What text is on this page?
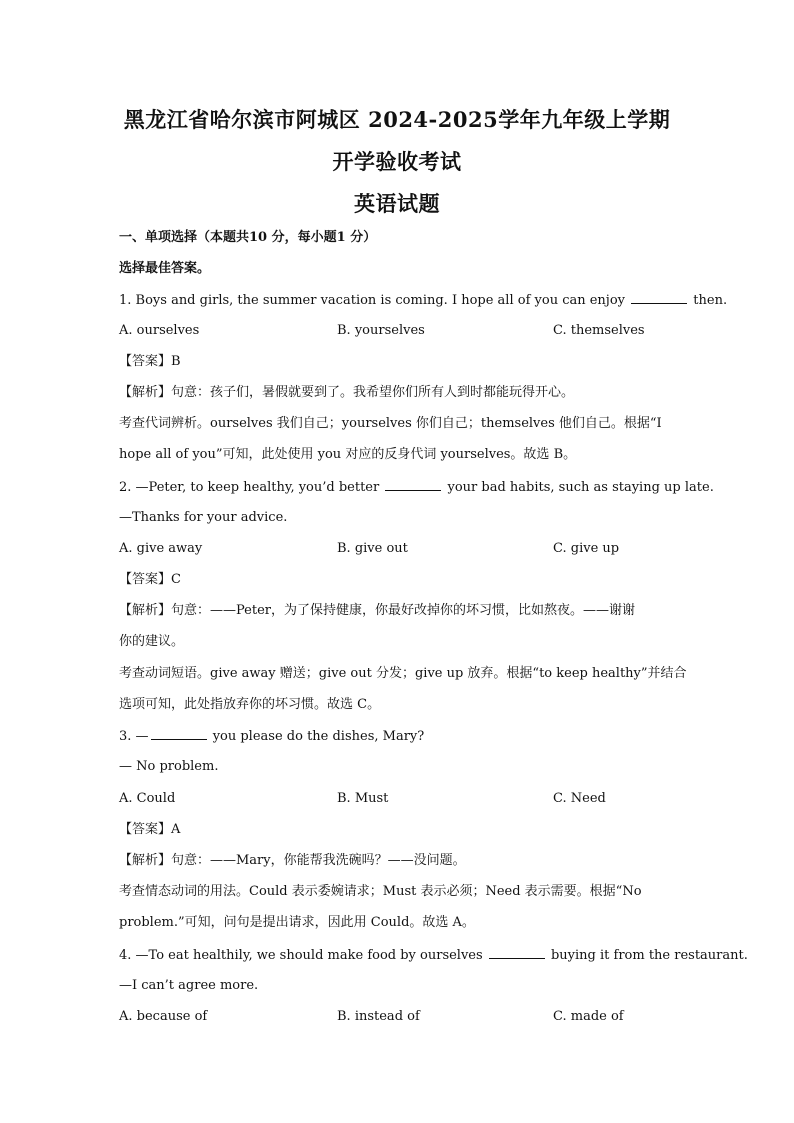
黑龙江省哈尔滨市阿城区 2024-2025学年九年级上学期
开学验收考试
英语试题
一、单项选择（本题共10 分，每小题1 分）
选择最佳答案。
1. Boys and girls, the summer vacation is coming. I hope all of you can enjoy	then.
A. ourselves	B. yourselves	C. themselves
【答案】B
【解析】句意：孩子们，暑假就要到了。我希望你们所有人到时都能玩得开心。
考查代词辨析。ourselves 我们自己；yourselves 你们自己；themselves 他们自己。根据“I
hope all of you”可知，此处使用 you 对应的反身代词 yourselves。故选 B。
2. —Peter, to keep healthy, you’d better	your bad habits, such as staying up late.
—Thanks for your advice.
A. give away	B. give out	C. give up
【答案】C
【解析】句意：——Peter，为了保持健康，你最好改掉你的坏习惯，比如熬夜。——谢谢
你的建议。
考查动词短语。give away 赠送；give out 分发；give up 放弃。根据“to keep healthy”并结合
选项可知，此处指放弃你的坏习惯。故选 C。
3. —	you please do the dishes, Mary?
— No problem.
A. Could	B. Must	C. Need
【答案】A
【解析】句意：——Mary，你能帮我洗碗吗？——没问题。
考查情态动词的用法。Could 表示委婉请求；Must 表示必须；Need 表示需要。根据“No
problem.”可知，问句是提出请求，因此用 Could。故选 A。
4. —To eat healthily, we should make food by ourselves	buying it from the restaurant.
—I can’t agree more.
A. because of	B. instead of	C. made of
